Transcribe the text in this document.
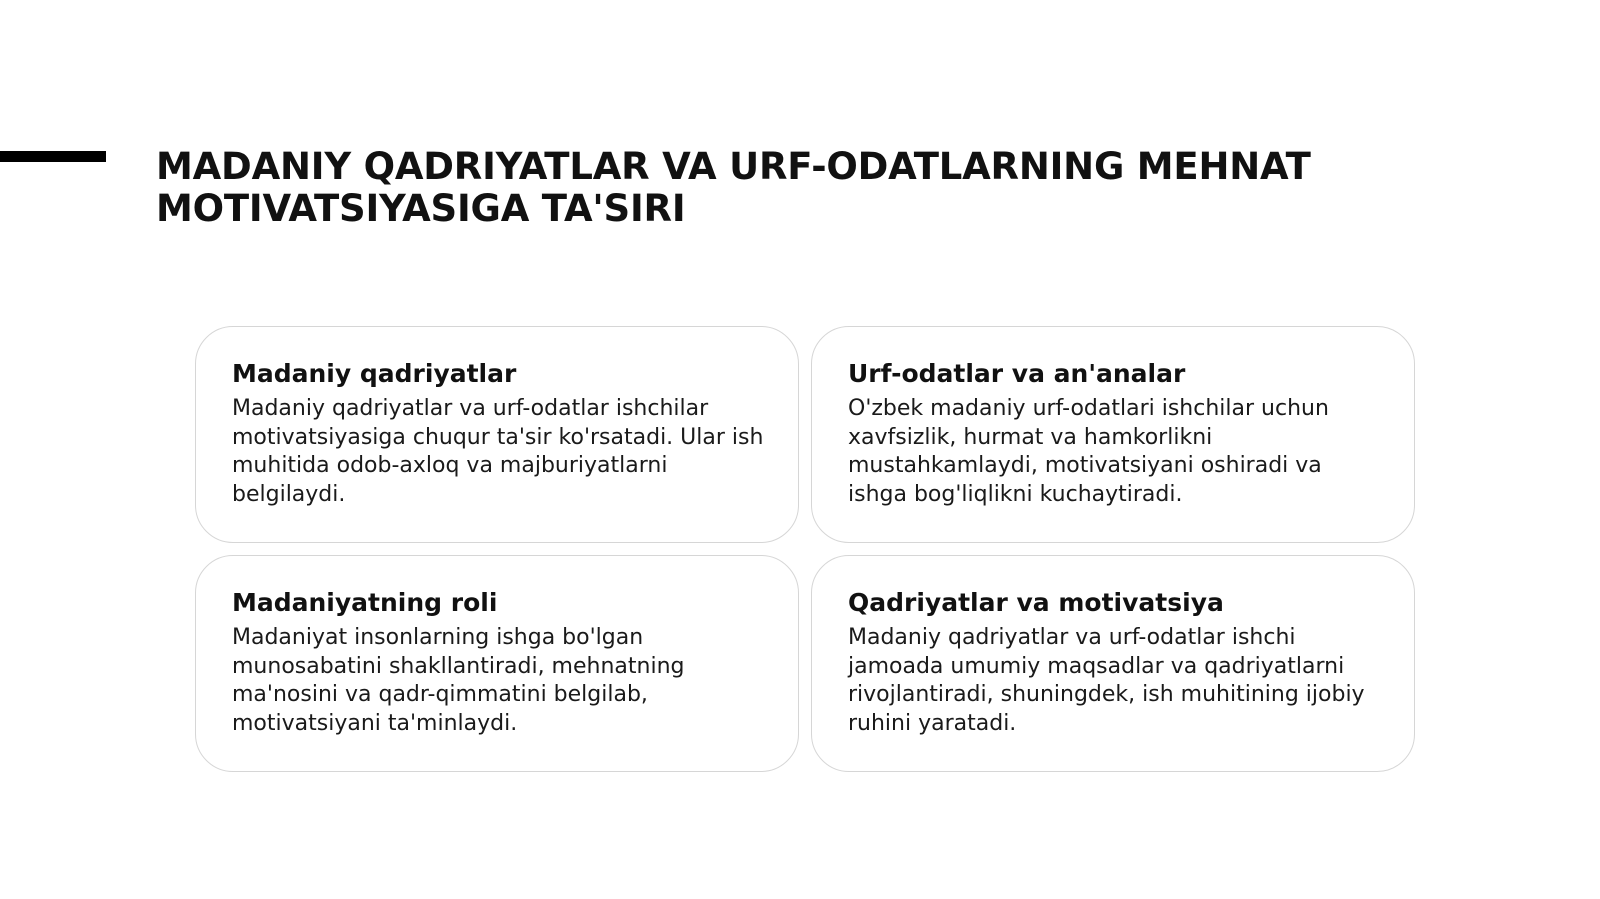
MADANIY QADRIYATLAR VA URF-ODATLARNING MEHNAT MOTIVATSIYASIGA TA'SIRI
Madaniy qadriyatlar

Madaniy qadriyatlar va urf-odatlar ishchilar motivatsiyasiga chuqur ta'sir ko'rsatadi. Ular ish muhitida odob-axloq va majburiyatlarni belgilaydi.

Urf-odatlar va an'analar

O'zbek madaniy urf-odatlari ishchilar uchun xavfsizlik, hurmat va hamkorlikni mustahkamlaydi, motivatsiyani oshiradi va ishga bog'liqlikni kuchaytiradi.

Madaniyatning roli

Madaniyat insonlarning ishga bo'lgan munosabatini shakllantiradi, mehnatning ma'nosini va qadr-qimmatini belgilab, motivatsiyani ta'minlaydi.

Qadriyatlar va motivatsiya

Madaniy qadriyatlar va urf-odatlar ishchi jamoada umumiy maqsadlar va qadriyatlarni rivojlantiradi, shuningdek, ish muhitining ijobiy ruhini yaratadi.
